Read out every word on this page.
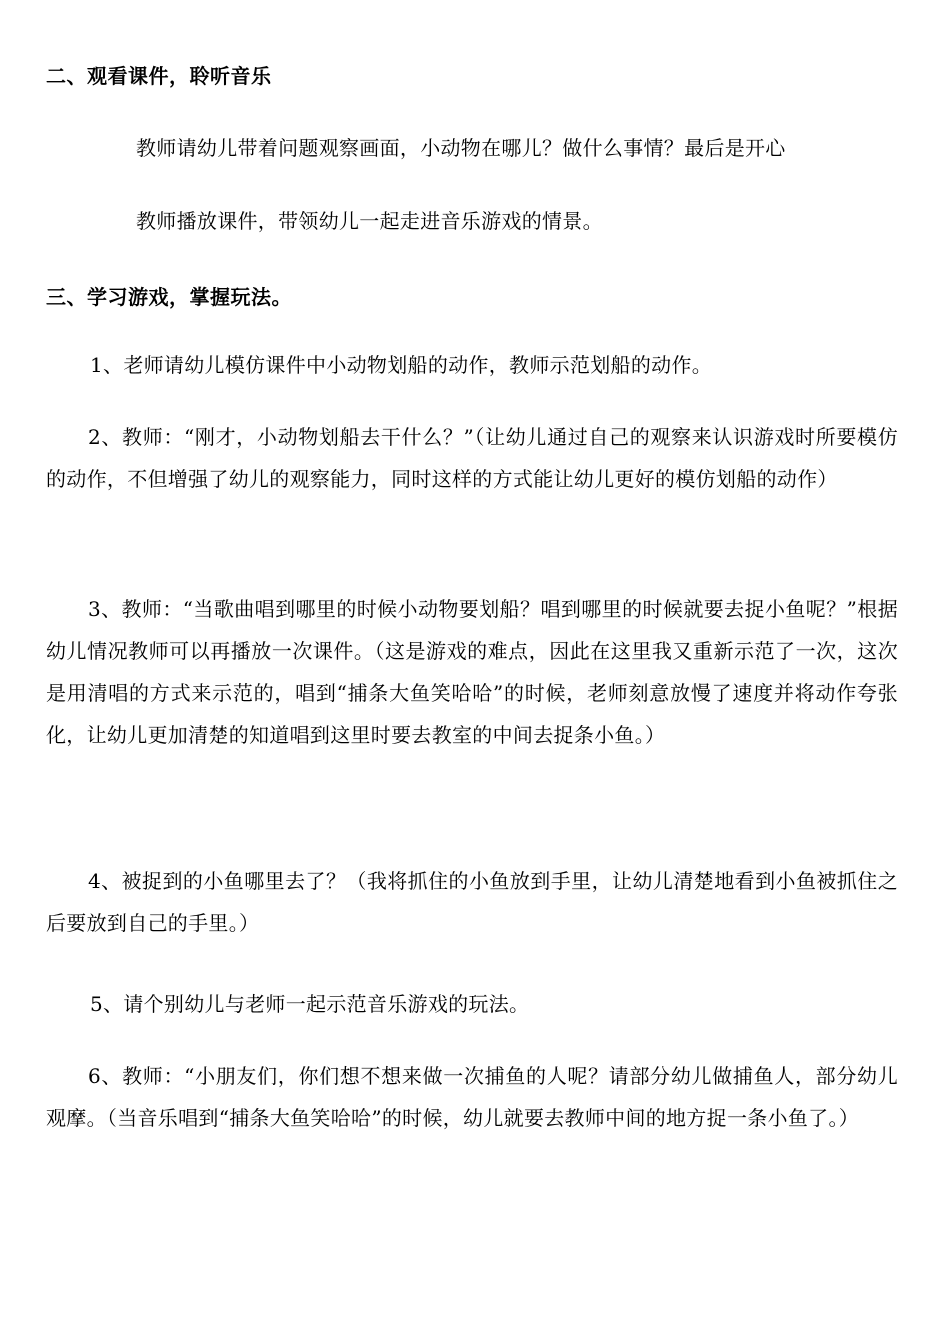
二、观看课件，聆听音乐

教师请幼儿带着问题观察画面，小动物在哪儿？做什么事情？最后是开心

教师播放课件，带领幼儿一起走进音乐游戏的情景。

三、学习游戏，掌握玩法。

1、老师请幼儿模仿课件中小动物划船的动作，教师示范划船的动作。

2、教师：“刚才，小动物划船去干什么？”（让幼儿通过自己的观察来认识游戏时所要模仿的动作，不但增强了幼儿的观察能力，同时这样的方式能让幼儿更好的模仿划船的动作）

3、教师：“当歌曲唱到哪里的时候小动物要划船？唱到哪里的时候就要去捉小鱼呢？”根据幼儿情况教师可以再播放一次课件。（这是游戏的难点，因此在这里我又重新示范了一次，这次是用清唱的方式来示范的，唱到“捕条大鱼笑哈哈”的时候，老师刻意放慢了速度并将动作夸张化，让幼儿更加清楚的知道唱到这里时要去教室的中间去捉条小鱼。）

4、被捉到的小鱼哪里去了？（我将抓住的小鱼放到手里，让幼儿清楚地看到小鱼被抓住之后要放到自己的手里。）

5、请个别幼儿与老师一起示范音乐游戏的玩法。

6、教师：“小朋友们，你们想不想来做一次捕鱼的人呢？请部分幼儿做捕鱼人，部分幼儿观摩。（当音乐唱到“捕条大鱼笑哈哈”的时候，幼儿就要去教师中间的地方捉一条小鱼了。）
